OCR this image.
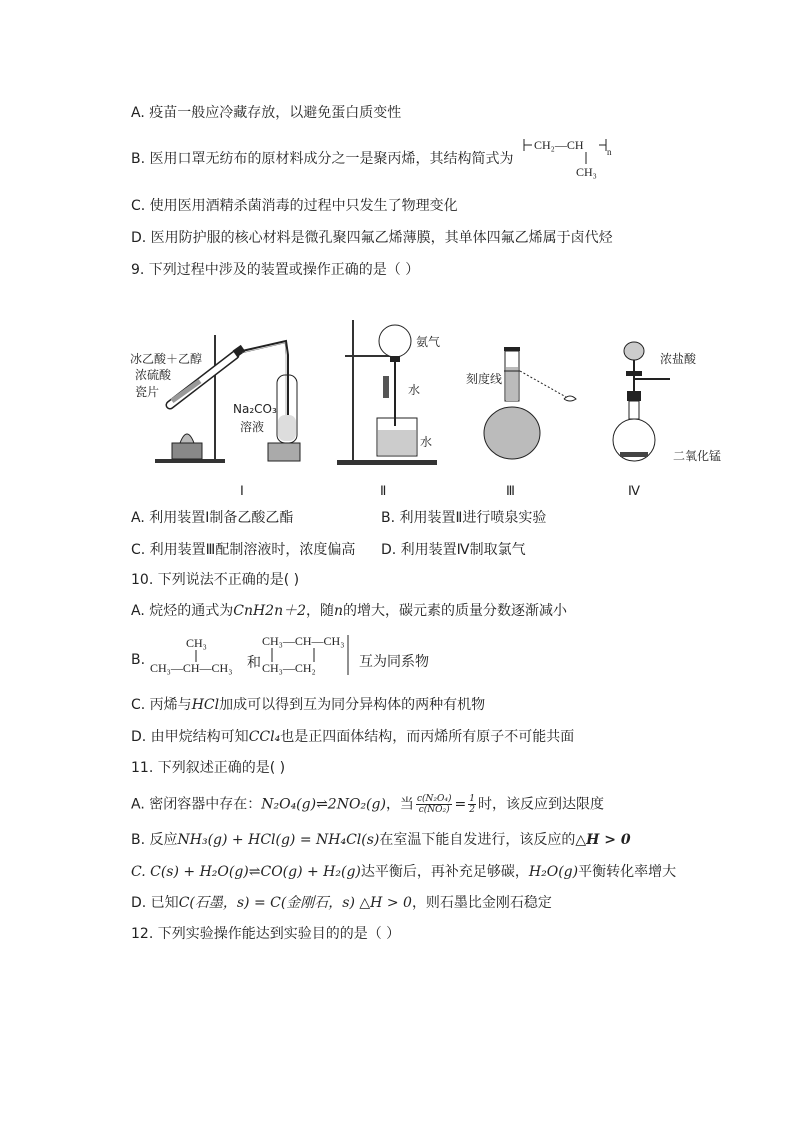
A. 疫苗一般应冷藏存放，以避免蛋白质变性
B. 医用口罩无纺布的原材料成分之一是聚丙烯，其结构简式为
CH₂—CH	n
CH₃
C. 使用医用酒精杀菌消毒的过程中只发生了物理变化
D. 医用防护服的核心材料是微孔聚四氟乙烯薄膜，其单体四氟乙烯属于卤代烃
9. 下列过程中涉及的装置或操作正确的是（ ）
冰乙酸＋乙醇
浓硫酸
瓷片
Na₂CO₃
溶液
氨气
水
水
刻度线
浓盐酸
二氧化锰
Ⅰ	Ⅱ	Ⅲ	Ⅳ
A. 利用装置Ⅰ制备乙酸乙酯	B. 利用装置Ⅱ进行喷泉实验
C. 利用装置Ⅲ配制溶液时，浓度偏高 D. 利用装置Ⅳ制取氯气
10. 下列说法不正确的是( )
A. 烷烃的通式为CnH2n＋2，随n的增大，碳元素的质量分数逐渐减小
B.
CH₃
CH₃—CH—CH₃ 和
CH₃—CH—CH₃
CH₃—CH₂	互为同系物
C. 丙烯与HCl加成可以得到互为同分异构体的两种有机物
D. 由甲烷结构可知CCl₄也是正四面体结构，而丙烯所有原子不可能共面
11. 下列叙述正确的是( )
A. 密闭容器中存在：N₂O₄(g)⇌2NO₂(g)，当 $\frac{\text{c(N₂O₄)}}{\text{c(NO₂)}} = \frac{1}{2}$ 时，该反应到达限度
B. 反应NH₃(g) + HCl(g) = NH₄Cl(s)在室温下能自发进行，该反应的△H > 0
C. C(s) + H₂O(g)⇌CO(g) + H₂(g)达平衡后，再补充足够碳，H₂O(g)平衡转化率增大
D. 已知C(石墨，s) = C(金刚石，s) △H > 0，则石墨比金刚石稳定
12. 下列实验操作能达到实验目的的是（ ）
